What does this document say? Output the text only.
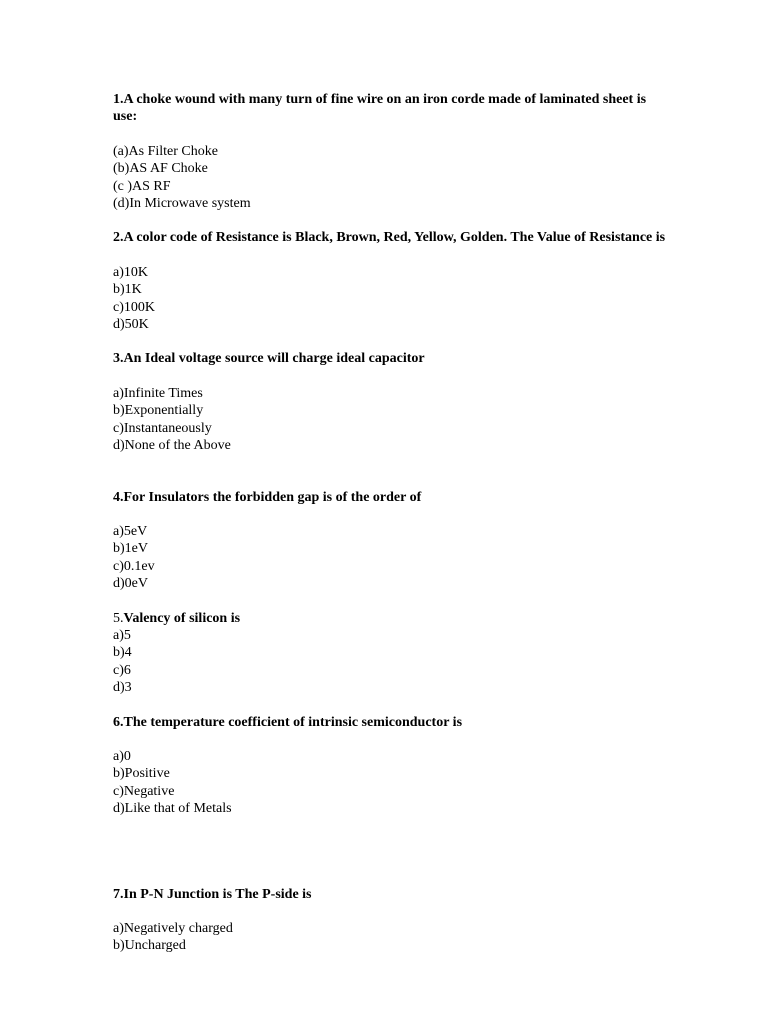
1.A choke wound with many turn of fine wire on an iron corde made of laminated sheet is use:

(a)As Filter Choke
(b)AS AF Choke
(c )AS RF
(d)In Microwave system

2.A color code of Resistance is Black, Brown, Red, Yellow, Golden. The Value of Resistance is

a)10K
b)1K
c)100K
d)50K

3.An Ideal voltage source will charge ideal capacitor

a)Infinite Times
b)Exponentially
c)Instantaneously
d)None of the Above

4.For Insulators the forbidden gap is of the order of

a)5eV
b)1eV
c)0.1ev
d)0eV

5.Valency of silicon is

a)5
b)4
c)6
d)3

6.The temperature coefficient of intrinsic semiconductor is

a)0
b)Positive
c)Negative
d)Like that of Metals

7.In P-N Junction is The P-side is

a)Negatively charged
b)Uncharged
